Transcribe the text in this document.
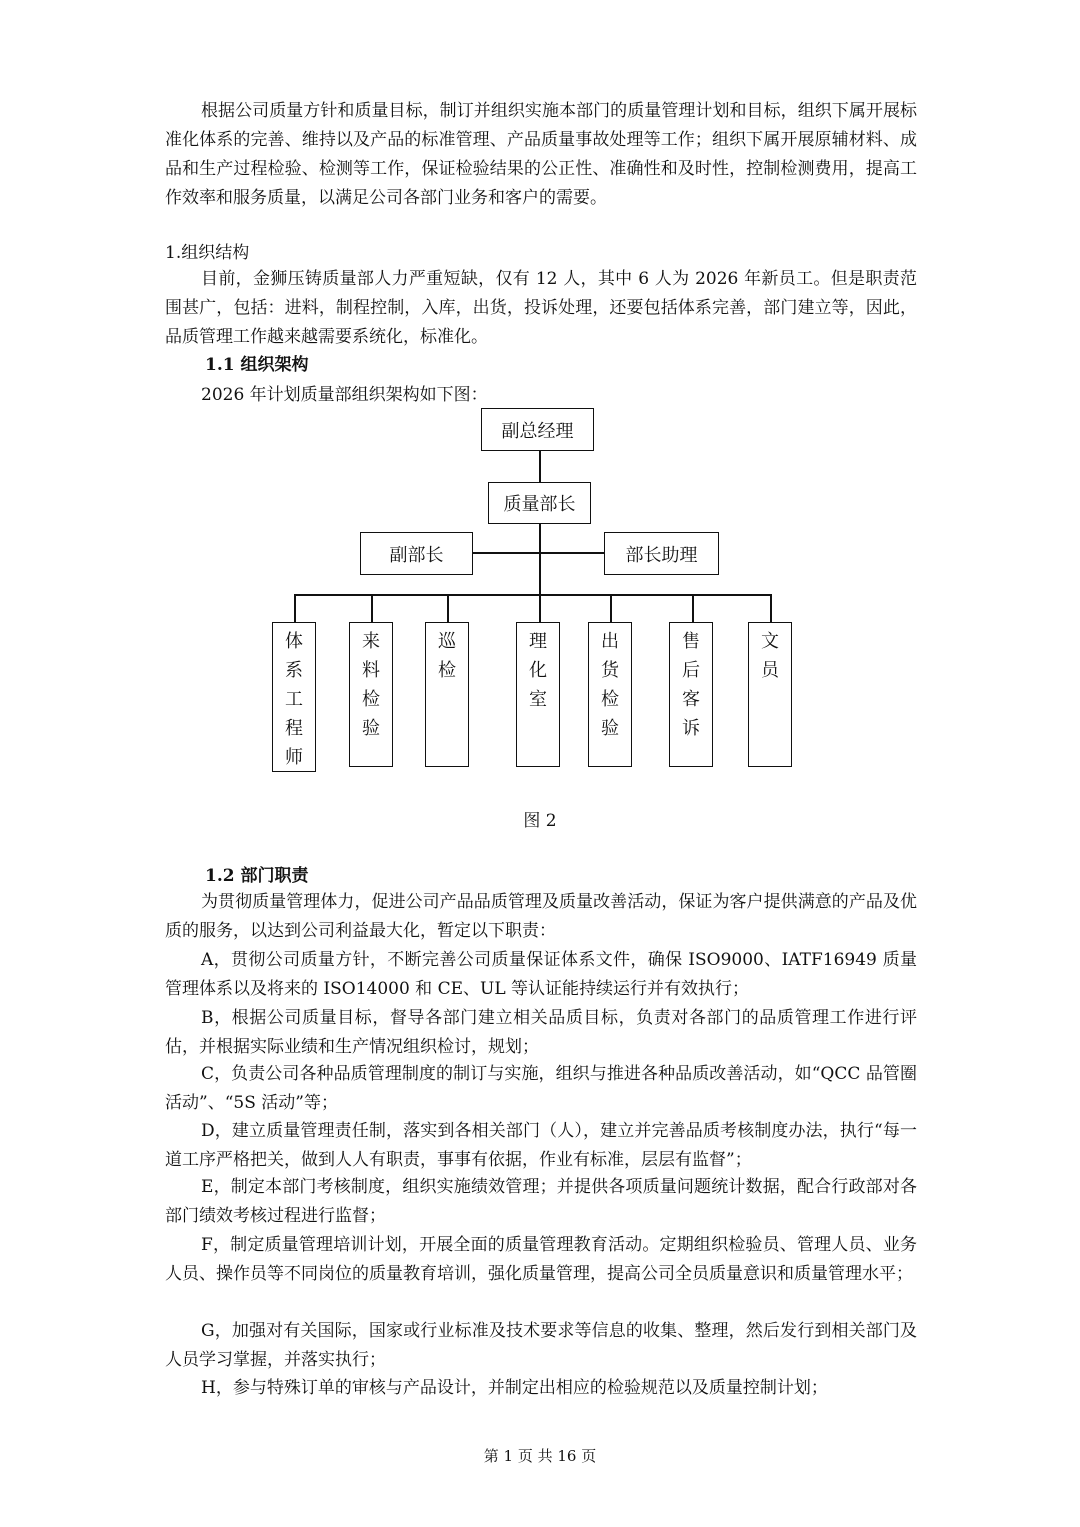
根据公司质量方针和质量目标，制订并组织实施本部门的质量管理计划和目标，组织下属开展标准化体系的完善、维持以及产品的标准管理、产品质量事故处理等工作；组织下属开展原辅材料、成品和生产过程检验、检测等工作，保证检验结果的公正性、准确性和及时性，控制检测费用，提高工作效率和服务质量，以满足公司各部门业务和客户的需要。

1.组织结构

目前，金狮压铸质量部人力严重短缺，仅有 12 人，其中 6 人为 2026 年新员工。但是职责范围甚广，包括：进料，制程控制，入库，出货，投诉处理，还要包括体系完善，部门建立等，因此，品质管理工作越来越需要系统化，标准化。

1.1 组织架构

2026 年计划质量部组织架构如下图：

副总经理
质量部长
副部长	部长助理
体系工程师
来料检验
巡检
理化室
出货检验
售后客诉
文员

图 2

1.2 部门职责

为贯彻质量管理体力，促进公司产品品质管理及质量改善活动，保证为客户提供满意的产品及优质的服务，以达到公司利益最大化，暂定以下职责：

A，贯彻公司质量方针，不断完善公司质量保证体系文件，确保 ISO9000、IATF16949 质量管理体系以及将来的 ISO14000 和 CE、UL 等认证能持续运行并有效执行；

B，根据公司质量目标，督导各部门建立相关品质目标，负责对各部门的品质管理工作进行评估，并根据实际业绩和生产情况组织检讨，规划；

C，负责公司各种品质管理制度的制订与实施，组织与推进各种品质改善活动，如“QCC 品管圈活动”、“5S 活动”等；

D，建立质量管理责任制，落实到各相关部门（人），建立并完善品质考核制度办法，执行“每一道工序严格把关，做到人人有职责，事事有依据，作业有标准，层层有监督”；

E，制定本部门考核制度，组织实施绩效管理；并提供各项质量问题统计数据，配合行政部对各部门绩效考核过程进行监督；

F，制定质量管理培训计划，开展全面的质量管理教育活动。定期组织检验员、管理人员、业务人员、操作员等不同岗位的质量教育培训，强化质量管理，提高公司全员质量意识和质量管理水平；

G，加强对有关国际，国家或行业标准及技术要求等信息的收集、整理，然后发行到相关部门及人员学习掌握，并落实执行；

H，参与特殊订单的审核与产品设计，并制定出相应的检验规范以及质量控制计划；

第 1 页 共 16 页
